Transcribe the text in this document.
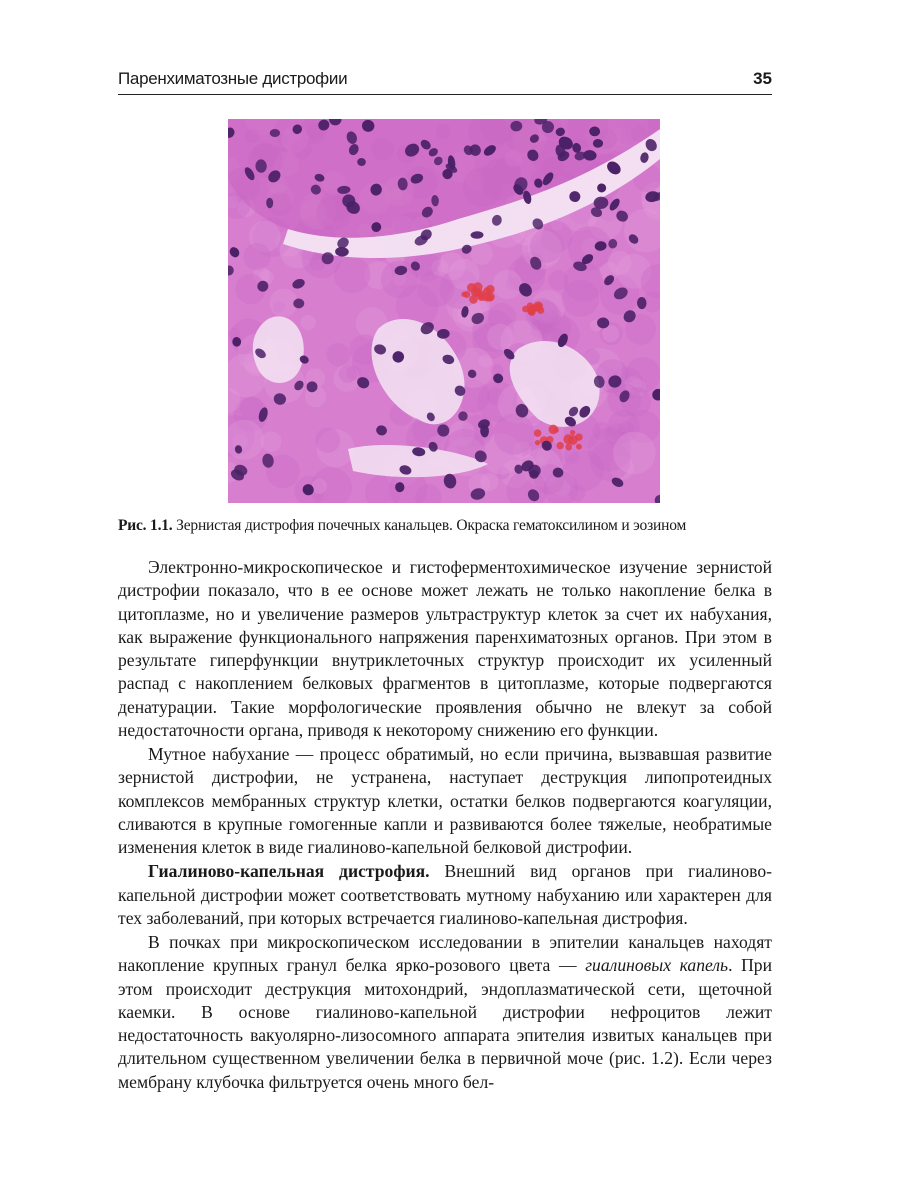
Паренхиматозные дистрофии	35
Рис. 1.1. Зернистая дистрофия почечных канальцев. Окраска гематоксилином и эозином

Электронно-микроскопическое и гистоферментохимическое изучение зернистой дистрофии показало, что в ее основе может лежать не только накопление белка в цитоплазме, но и увеличение размеров ультраструктур клеток за счет их набухания, как выражение функционального напряжения паренхиматозных органов. При этом в результате гиперфункции внутриклеточных структур происходит их усиленный распад с накоплением белковых фрагментов в цитоплазме, которые подвергаются денатурации. Такие морфологические проявления обычно не влекут за собой недостаточности органа, приводя к некоторому снижению его функции.

Мутное набухание — процесс обратимый, но если причина, вызвавшая развитие зернистой дистрофии, не устранена, наступает деструкция липопротеидных комплексов мембранных структур клетки, остатки белков подвергаются коагуляции, сливаются в крупные гомогенные капли и развиваются более тяжелые, необратимые изменения клеток в виде гиалиново-капельной белковой дистрофии.

Гиалиново-капельная дистрофия. Внешний вид органов при гиалиново-капельной дистрофии может соответствовать мутному набуханию или характерен для тех заболеваний, при которых встречается гиалиново-капельная дистрофия.

В почках при микроскопическом исследовании в эпителии канальцев находят накопление крупных гранул белка ярко-розового цвета — гиалиновых капель. При этом происходит деструкция митохондрий, эндоплазматической сети, щеточной каемки. В основе гиалиново-капельной дистрофии нефроцитов лежит недостаточность вакуолярно-лизосомного аппарата эпителия извитых канальцев при длительном существенном увеличении белка в первичной моче (рис. 1.2). Если через мембрану клубочка фильтруется очень много бел-
